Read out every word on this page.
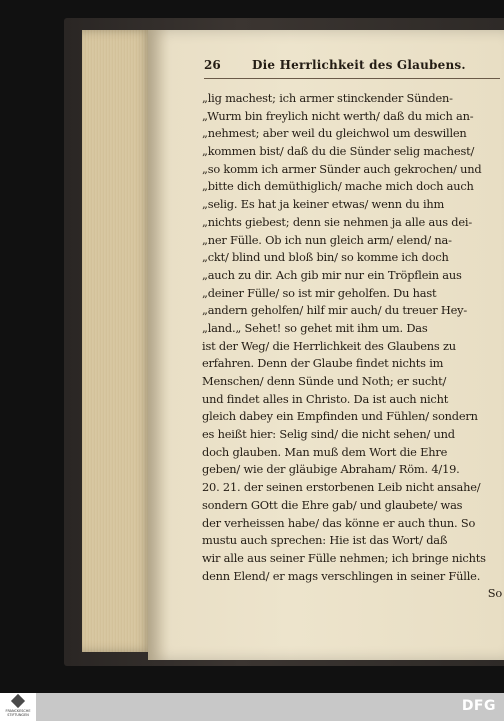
26	Die Herrlichkeit des Glaubens.
„lig machest; ich armer stinckender Sünden-
„Wurm bin freylich nicht werth/ daß du mich an-
„nehmest; aber weil du gleichwol um deswillen
„kommen bist/ daß du die Sünder selig machest/
„so komm ich armer Sünder auch gekrochen/ und
„bitte dich demüthiglich/ mache mich doch auch
„selig. Es hat ja keiner etwas/ wenn du ihm
„nichts giebest; denn sie nehmen ja alle aus dei-
„ner Fülle. Ob ich nun gleich arm/ elend/ na-
„ckt/ blind und bloß bin/ so komme ich doch
„auch zu dir. Ach gib mir nur ein Tröpflein aus
„deiner Fülle/ so ist mir geholfen. Du hast
„andern geholfen/ hilf mir auch/ du treuer Hey-
„land.„ Sehet! so gehet mit ihm um. Das
ist der Weg/ die Herrlichkeit des Glaubens zu
erfahren. Denn der Glaube findet nichts im
Menschen/ denn Sünde und Noth; er sucht/
und findet alles in Christo. Da ist auch nicht
gleich dabey ein Empfinden und Fühlen/ sondern
es heißt hier: Selig sind/ die nicht sehen/ und
doch glauben. Man muß dem Wort die Ehre
geben/ wie der gläubige Abraham/ Röm. 4/19.
20. 21. der seinen erstorbenen Leib nicht ansahe/
sondern GOtt die Ehre gab/ und glaubete/ was
der verheissen habe/ das könne er auch thun. So
mustu auch sprechen: Hie ist das Wort/ daß
wir alle aus seiner Fülle nehmen; ich bringe nichts
denn Elend/ er mags verschlingen in seiner Fülle.
So
FRANCKESCHE STIFTUNGEN
DFG
